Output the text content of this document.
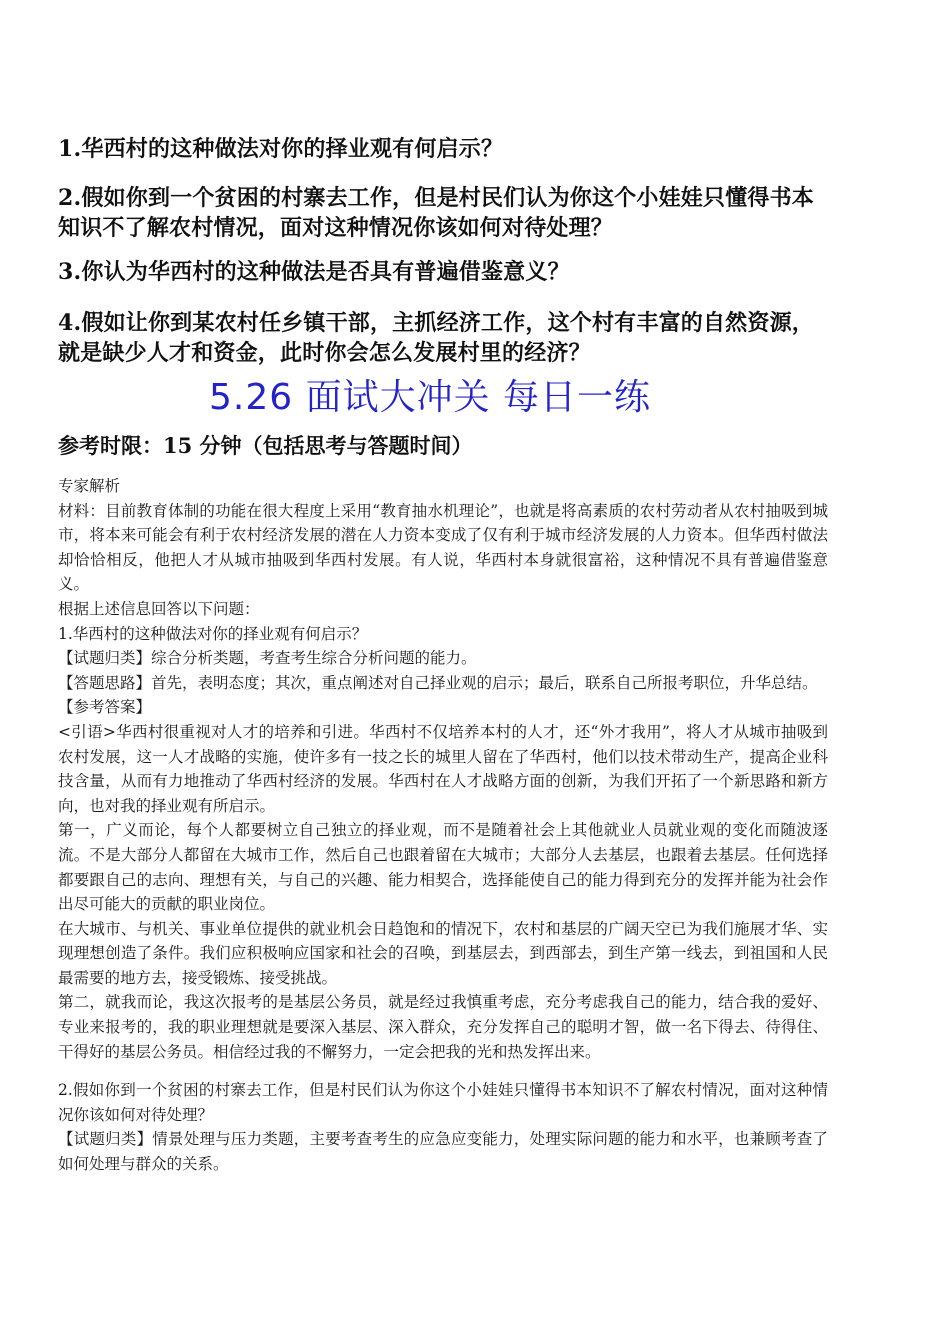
1.华西村的这种做法对你的择业观有何启示？

2.假如你到一个贫困的村寨去工作，但是村民们认为你这个小娃娃只懂得书本知识不了解农村情况，面对这种情况你该如何对待处理？

3.你认为华西村的这种做法是否具有普遍借鉴意义？

4.假如让你到某农村任乡镇干部，主抓经济工作，这个村有丰富的自然资源，就是缺少人才和资金，此时你会怎么发展村里的经济？

5.26 面试大冲关 每日一练

参考时限：15 分钟（包括思考与答题时间）

专家解析

材料：目前教育体制的功能在很大程度上采用“教育抽水机理论”，也就是将高素质的农村劳动者从农村抽吸到城市，将本来可能会有利于农村经济发展的潜在人力资本变成了仅有利于城市经济发展的人力资本。但华西村做法却恰恰相反，他把人才从城市抽吸到华西村发展。有人说，华西村本身就很富裕，这种情况不具有普遍借鉴意义。

根据上述信息回答以下问题：

1.华西村的这种做法对你的择业观有何启示？

【试题归类】综合分析类题，考查考生综合分析问题的能力。

【答题思路】首先，表明态度；其次，重点阐述对自己择业观的启示；最后，联系自己所报考职位，升华总结。

【参考答案】

<引语>华西村很重视对人才的培养和引进。华西村不仅培养本村的人才，还“外才我用”，将人才从城市抽吸到农村发展，这一人才战略的实施，使许多有一技之长的城里人留在了华西村，他们以技术带动生产，提高企业科技含量，从而有力地推动了华西村经济的发展。华西村在人才战略方面的创新，为我们开拓了一个新思路和新方向，也对我的择业观有所启示。

第一，广义而论，每个人都要树立自己独立的择业观，而不是随着社会上其他就业人员就业观的变化而随波逐流。不是大部分人都留在大城市工作，然后自己也跟着留在大城市；大部分人去基层，也跟着去基层。任何选择都要跟自己的志向、理想有关，与自己的兴趣、能力相契合，选择能使自己的能力得到充分的发挥并能为社会作出尽可能大的贡献的职业岗位。

在大城市、与机关、事业单位提供的就业机会日趋饱和的情况下，农村和基层的广阔天空已为我们施展才华、实现理想创造了条件。我们应积极响应国家和社会的召唤，到基层去，到西部去，到生产第一线去，到祖国和人民最需要的地方去，接受锻炼、接受挑战。

第二，就我而论，我这次报考的是基层公务员，就是经过我慎重考虑，充分考虑我自己的能力，结合我的爱好、专业来报考的，我的职业理想就是要深入基层、深入群众，充分发挥自己的聪明才智，做一名下得去、待得住、干得好的基层公务员。相信经过我的不懈努力，一定会把我的光和热发挥出来。

2.假如你到一个贫困的村寨去工作，但是村民们认为你这个小娃娃只懂得书本知识不了解农村情况，面对这种情况你该如何对待处理？

【试题归类】情景处理与压力类题，主要考查考生的应急应变能力，处理实际问题的能力和水平，也兼顾考查了如何处理与群众的关系。
